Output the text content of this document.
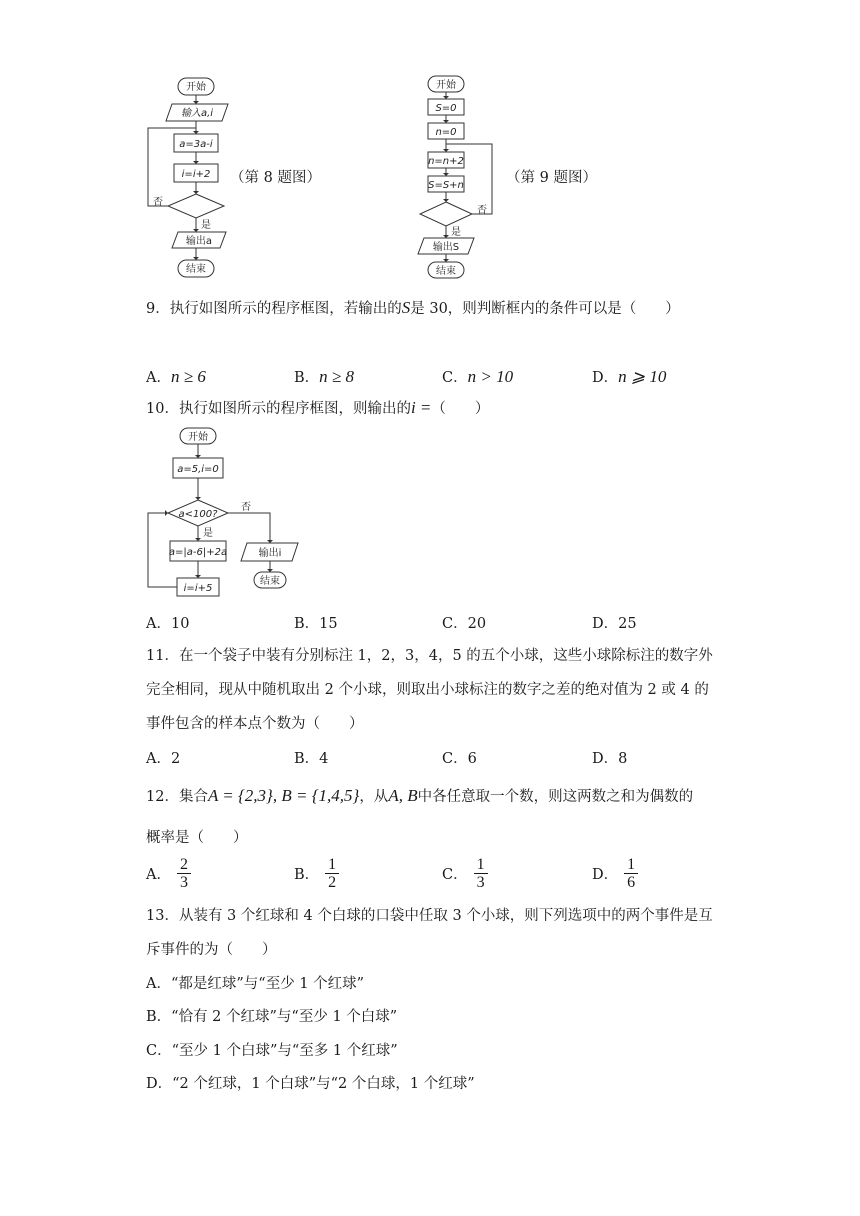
开始
输入a,i
a=3a-i
i=i+2
否
是
输出a
结束
（第 8 题图）
开始
S=0
n=0
n=n+2
S=S+n
否
是
输出S
结束
（第 9 题图）
9．执行如图所示的程序框图，若输出的S是 30，则判断框内的条件可以是（　　）
A．n ≥ 6	B．n ≥ 8	C．n > 10	D．n ⩾ 10
10．执行如图所示的程序框图，则输出的i =（　　）
开始
a=5,i=0
a<100?
否
是
a=|a-6|+2a
i=i+5
输出i
结束
A．10	B．15	C．20	D．25
11．在一个袋子中装有分别标注 1，2，3，4，5 的五个小球，这些小球除标注的数字外
完全相同，现从中随机取出 2 个小球，则取出小球标注的数字之差的绝对值为 2 或 4 的
事件包含的样本点个数为（　　）
A．2	B．4	C．6	D．8
12．集合A = {2,3}, B = {1,4,5}，从A, B中各任意取一个数，则这两数之和为偶数的
概率是（　　）
A． $\frac{2}{3}$	B． $\frac{1}{2}$	C． $\frac{1}{3}$	D． $\frac{1}{6}$
13．从装有 3 个红球和 4 个白球的口袋中任取 3 个小球，则下列选项中的两个事件是互
斥事件的为（　　）
A．“都是红球”与“至少 1 个红球”
B．“恰有 2 个红球”与“至少 1 个白球”
C．“至少 1 个白球”与“至多 1 个红球”
D．“2 个红球，1 个白球”与“2 个白球，1 个红球”
